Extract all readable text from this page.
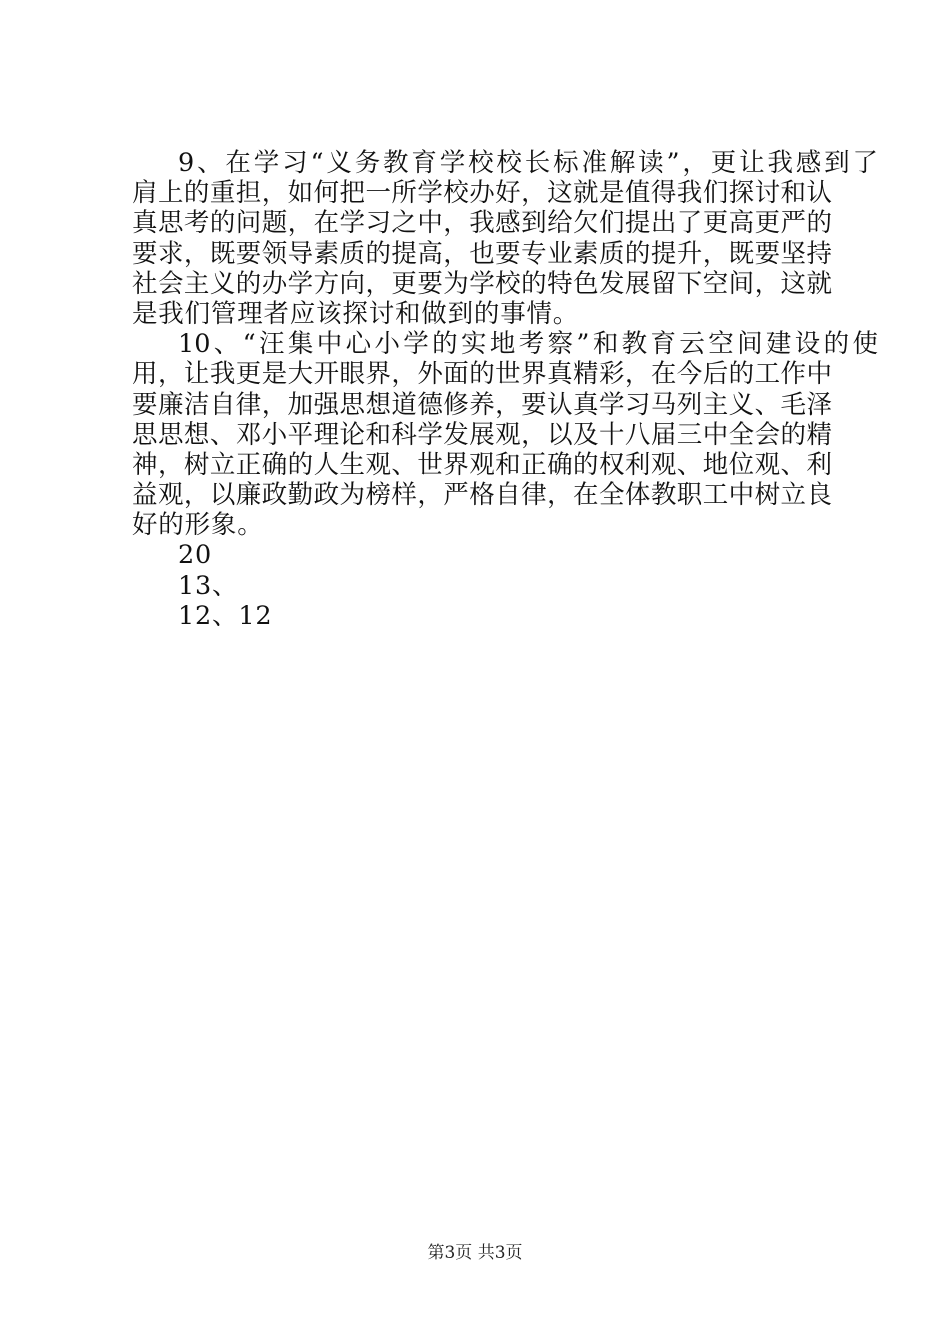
9、在学习“义务教育学校校长标准解读”，更让我感到了
肩上的重担，如何把一所学校办好，这就是值得我们探讨和认
真思考的问题，在学习之中，我感到给欠们提出了更高更严的
要求，既要领导素质的提高，也要专业素质的提升，既要坚持
社会主义的办学方向，更要为学校的特色发展留下空间，这就
是我们管理者应该探讨和做到的事情。
10、“汪集中心小学的实地考察”和教育云空间建设的使
用，让我更是大开眼界，外面的世界真精彩，在今后的工作中
要廉洁自律，加强思想道德修养，要认真学习马列主义、毛泽
思思想、邓小平理论和科学发展观，以及十八届三中全会的精
神，树立正确的人生观、世界观和正确的权利观、地位观、利
益观，以廉政勤政为榜样，严格自律，在全体教职工中树立良
好的形象。
20
13、
12、12
第3页 共3页
